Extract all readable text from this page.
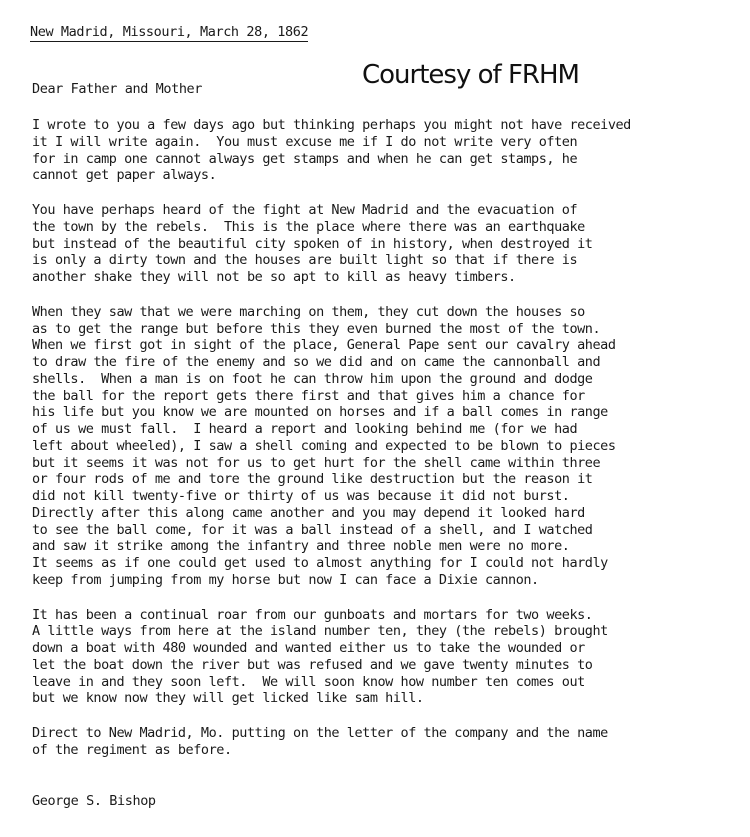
New Madrid, Missouri, March 28, 1862
Courtesy of FRHM
Dear Father and Mother
I wrote to you a few days ago but thinking perhaps you might not have received
it I will write again.  You must excuse me if I do not write very often
for in camp one cannot always get stamps and when he can get stamps, he
cannot get paper always.
You have perhaps heard of the fight at New Madrid and the evacuation of
the town by the rebels.  This is the place where there was an earthquake
but instead of the beautiful city spoken of in history, when destroyed it
is only a dirty town and the houses are built light so that if there is
another shake they will not be so apt to kill as heavy timbers.
When they saw that we were marching on them, they cut down the houses so
as to get the range but before this they even burned the most of the town.
When we first got in sight of the place, General Pape sent our cavalry ahead
to draw the fire of the enemy and so we did and on came the cannonball and
shells.  When a man is on foot he can throw him upon the ground and dodge
the ball for the report gets there first and that gives him a chance for
his life but you know we are mounted on horses and if a ball comes in range
of us we must fall.  I heard a report and looking behind me (for we had
left about wheeled), I saw a shell coming and expected to be blown to pieces
but it seems it was not for us to get hurt for the shell came within three
or four rods of me and tore the ground like destruction but the reason it
did not kill twenty-five or thirty of us was because it did not burst.
Directly after this along came another and you may depend it looked hard
to see the ball come, for it was a ball instead of a shell, and I watched
and saw it strike among the infantry and three noble men were no more.
It seems as if one could get used to almost anything for I could not hardly
keep from jumping from my horse but now I can face a Dixie cannon.
It has been a continual roar from our gunboats and mortars for two weeks.
A little ways from here at the island number ten, they (the rebels) brought
down a boat with 480 wounded and wanted either us to take the wounded or
let the boat down the river but was refused and we gave twenty minutes to
leave in and they soon left.  We will soon know how number ten comes out
but we know now they will get licked like sam hill.
Direct to New Madrid, Mo. putting on the letter of the company and the name
of the regiment as before.
George S. Bishop
